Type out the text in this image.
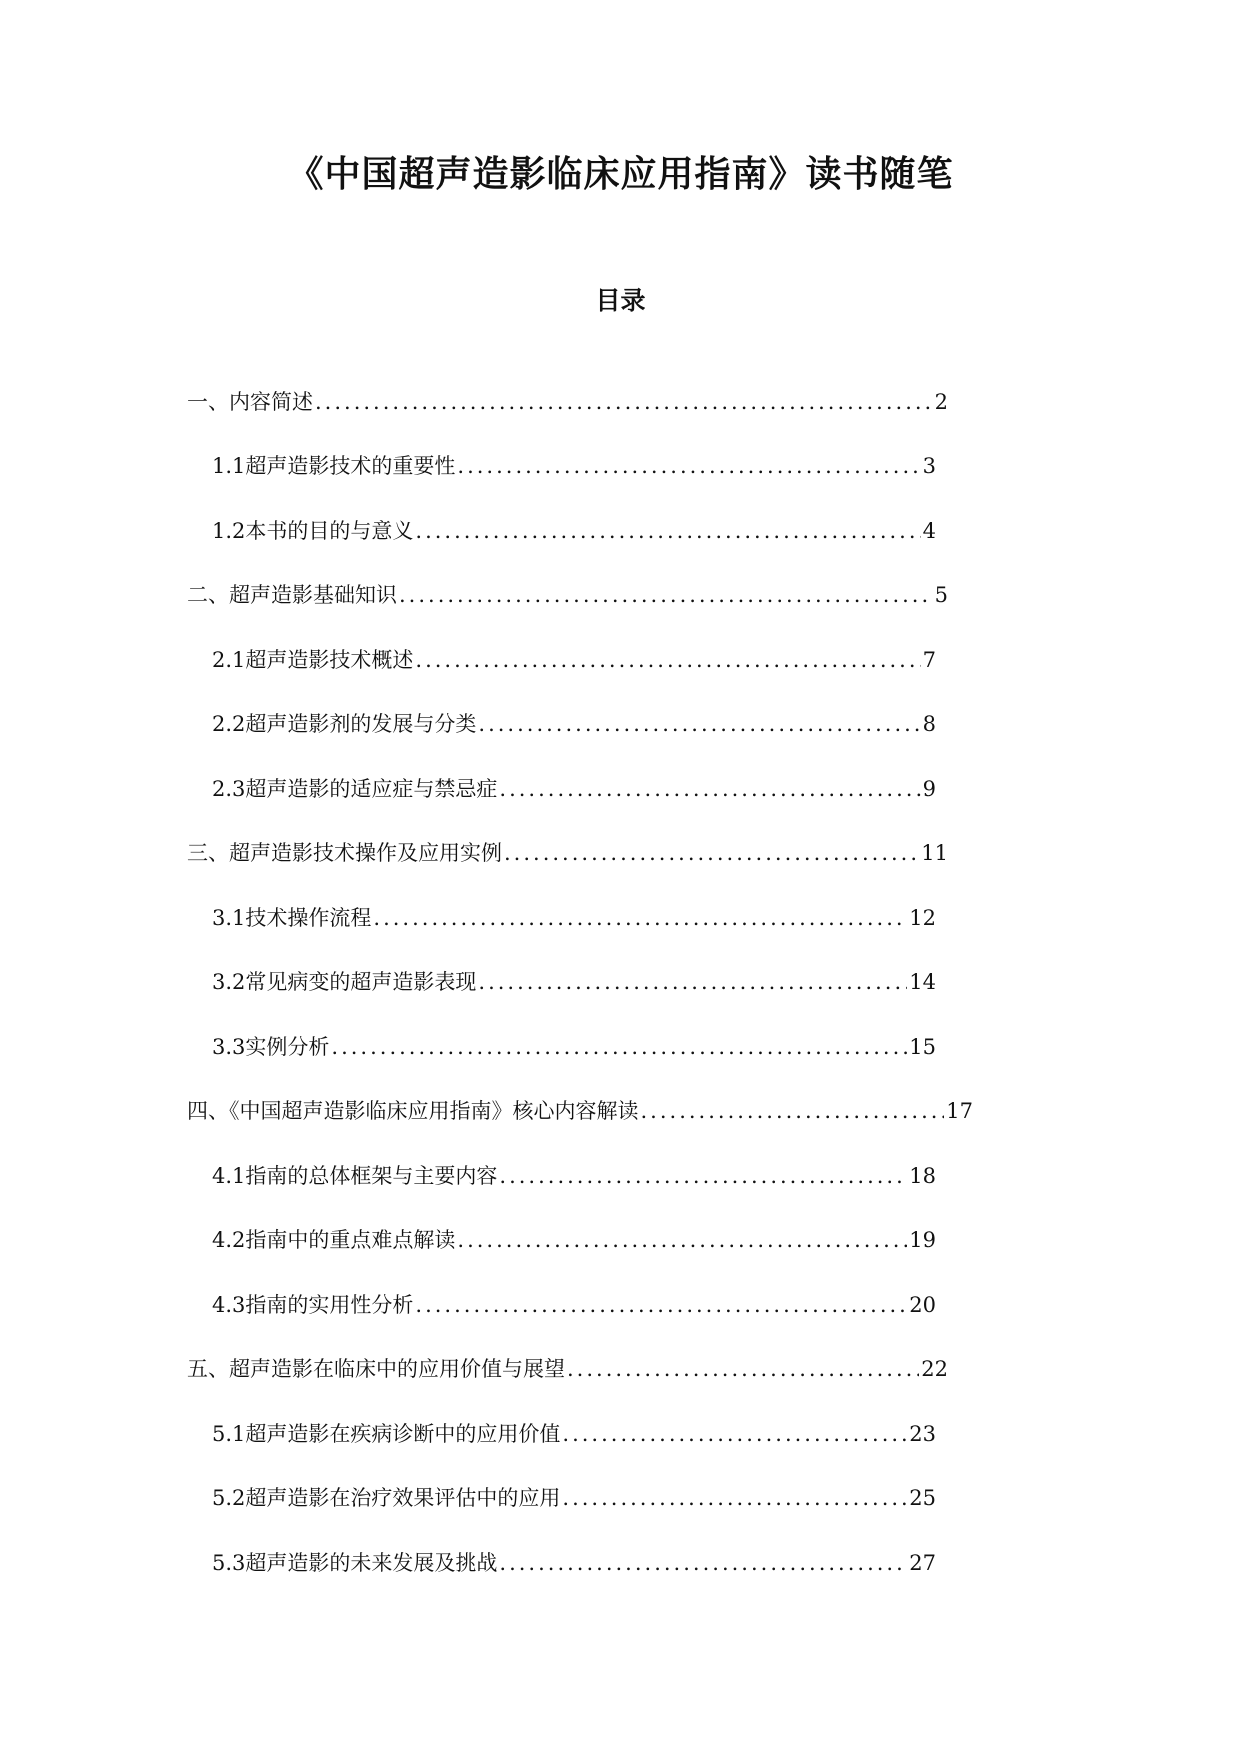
《中国超声造影临床应用指南》读书随笔
目录
一、内容简述 .....	2
1.1 超声造影技术的重要性 .....	3
1.2 本书的目的与意义 .....	4
二、超声造影基础知识 .....	5
2.1 超声造影技术概述 .....	7
2.2 超声造影剂的发展与分类 .....	8
2.3 超声造影的适应症与禁忌症 .....	9
三、超声造影技术操作及应用实例 .....	11
3.1 技术操作流程 .....	12
3.2 常见病变的超声造影表现 .....	14
3.3 实例分析 .....	15
四、《中国超声造影临床应用指南》核心内容解读 .....	17
4.1 指南的总体框架与主要内容 .....	18
4.2 指南中的重点难点解读 .....	19
4.3 指南的实用性分析 .....	20
五、超声造影在临床中的应用价值与展望 .....	22
5.1 超声造影在疾病诊断中的应用价值 .....	23
5.2 超声造影在治疗效果评估中的应用 .....	25
5.3 超声造影的未来发展及挑战 .....	27
